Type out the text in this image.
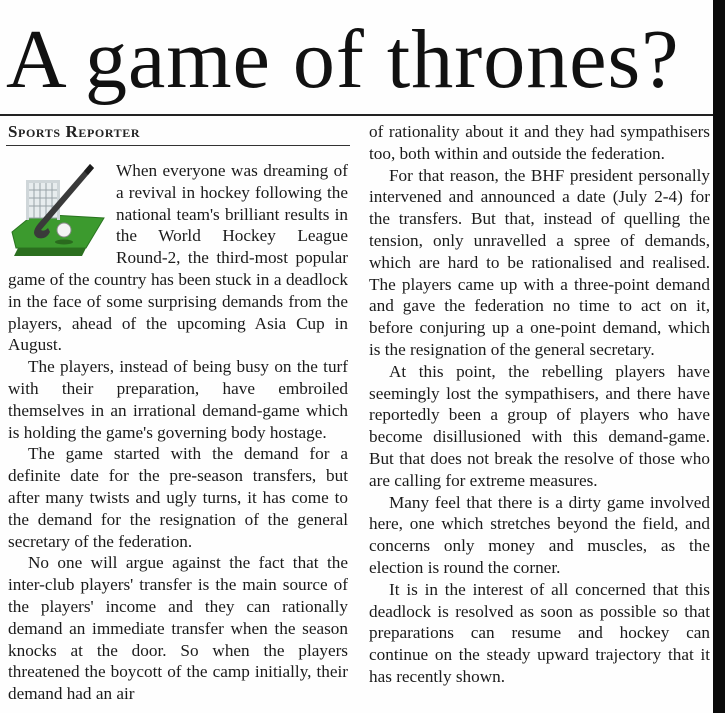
A game of thrones?
Sports Reporter

When everyone was dreaming of a revival in hockey following the national team's brilliant results in the World Hockey League Round-2, the third-most popular game of the country has been stuck in a deadlock in the face of some surprising demands from the players, ahead of the upcoming Asia Cup in August.

The players, instead of being busy on the turf with their preparation, have embroiled themselves in an irrational demand-game which is holding the game's governing body hostage.

The game started with the demand for a definite date for the pre-season transfers, but after many twists and ugly turns, it has come to the demand for the resignation of the general secretary of the federation.

No one will argue against the fact that the inter-club players' transfer is the main source of the players' income and they can rationally demand an immediate transfer when the season knocks at the door. So when the players threatened the boycott of the camp initially, their demand had an air

of rationality about it and they had sympathisers too, both within and outside the federation.

For that reason, the BHF president personally intervened and announced a date (July 2-4) for the transfers. But that, instead of quelling the tension, only unravelled a spree of demands, which are hard to be rationalised and realised. The players came up with a three-point demand and gave the federation no time to act on it, before conjuring up a one-point demand, which is the resignation of the general secretary.

At this point, the rebelling players have seemingly lost the sympathisers, and there have reportedly been a group of players who have become disillusioned with this demand-game. But that does not break the resolve of those who are calling for extreme measures.

Many feel that there is a dirty game involved here, one which stretches beyond the field, and concerns only money and muscles, as the election is round the corner.

It is in the interest of all concerned that this deadlock is resolved as soon as possible so that preparations can resume and hockey can continue on the steady upward trajectory that it has recently shown.
